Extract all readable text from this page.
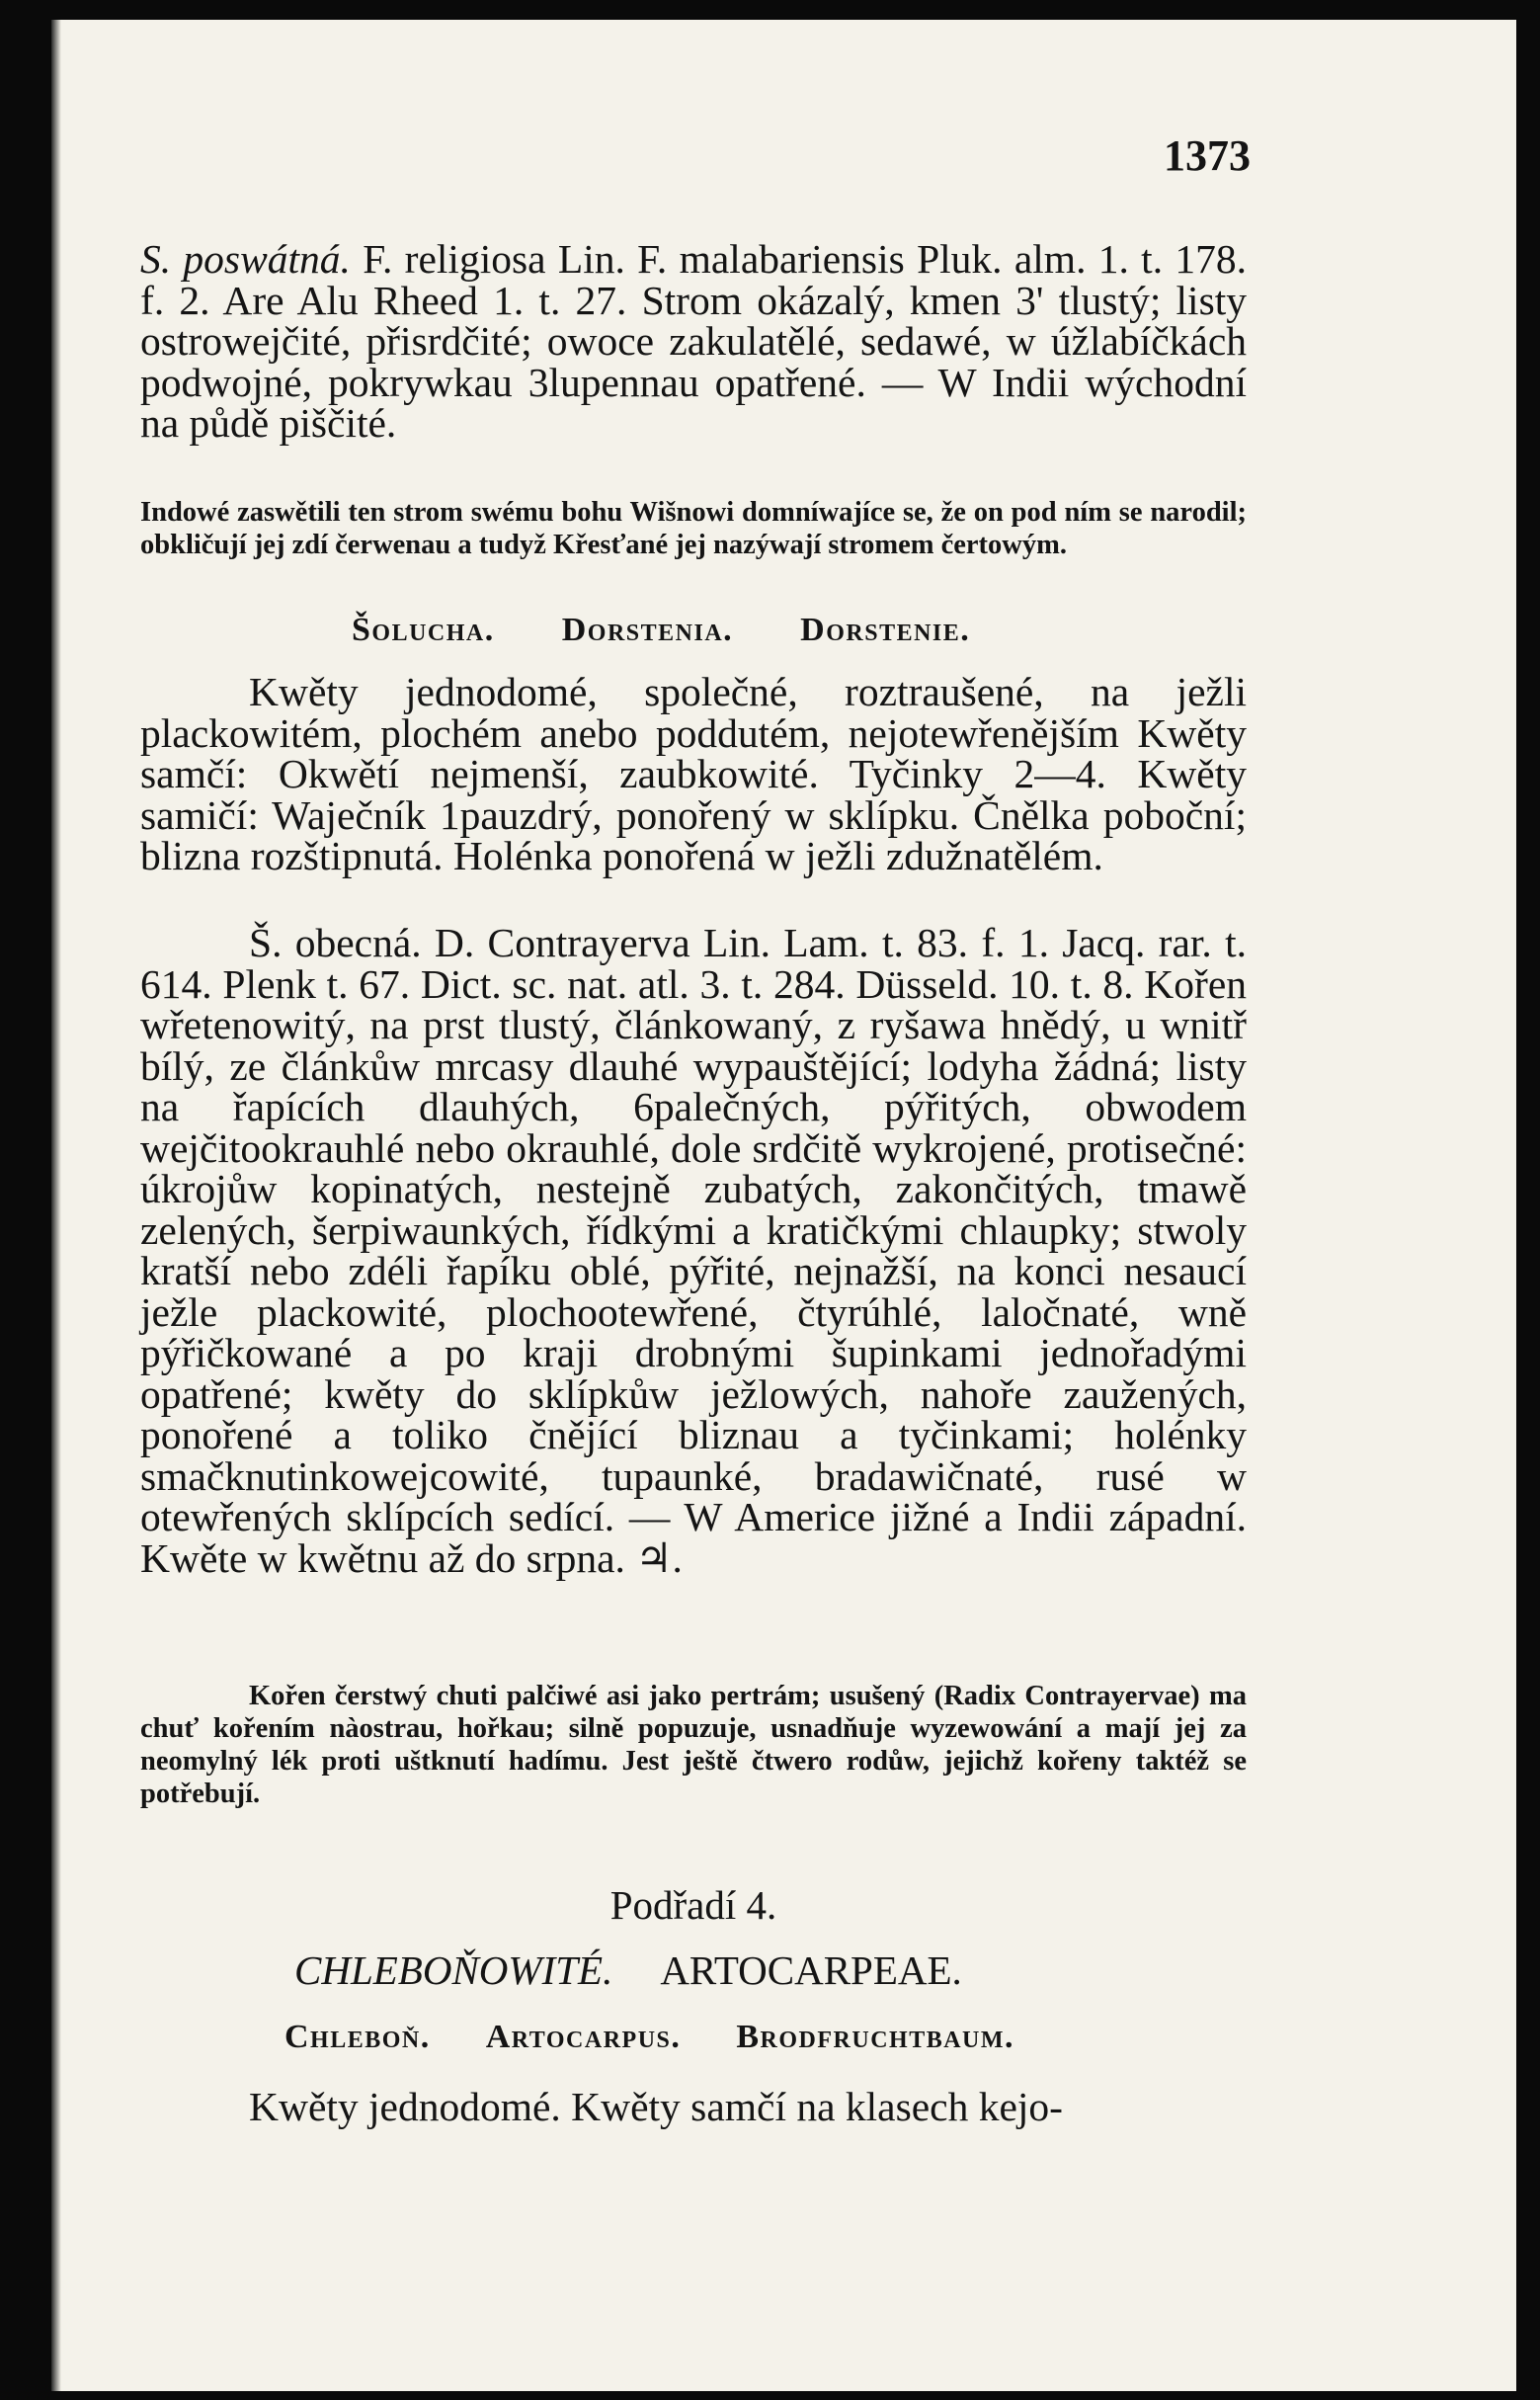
1373

S. poswátná. F. religiosa Lin. F. malabariensis Pluk. alm. 1. t. 178. f. 2. Are Alu Rheed 1. t. 27. Strom okázalý, kmen 3' tlustý; listy ostrowejčité, přisrdčité; owoce zakulatělé, sedawé, w úžlabíčkách podwojné, pokrywkau 3lupennau opatřené. — W Indii wýchodní na půdě piščité.

Indowé zaswětili ten strom swému bohu Wišnowi domníwajíce se, že on pod ním se narodil; obkličují jej zdí čerwenau a tudyž Křesťané jej nazýwají stromem čertowým.

Šolucha. Dorstenia. Dorstenie.

Kwěty jednodomé, společné, roztraušené, na ježli plackowitém, plochém anebo poddutém, nejotewřenějším Kwěty samčí: Okwětí nejmenší, zaubkowité. Tyčinky 2—4. Kwěty samičí: Waječník 1pauzdrý, ponořený w sklípku. Čnělka poboční; blizna rozštipnutá. Holénka ponořená w ježli zdužnatělém.

Š. obecná. D. Contrayerva Lin. Lam. t. 83. f. 1. Jacq. rar. t. 614. Plenk t. 67. Dict. sc. nat. atl. 3. t. 284. Düsseld. 10. t. 8. Kořen wřetenowitý, na prst tlustý, článkowaný, z ryšawa hnědý, u wnitř bílý, ze článkůw mrcasy dlauhé wypauštějící; lodyha žádná; listy na řapících dlauhých, 6palečných, pýřitých, obwodem wejčitookrauhlé nebo okrauhlé, dole srdčitě wykrojené, protisečné: úkrojůw kopinatých, nestejně zubatých, zakončitých, tmawě zelených, šerpiwaunkých, řídkými a kratičkými chlaupky; stwoly kratší nebo zdéli řapíku oblé, pýřité, nejnažší, na konci nesaucí ježle plackowité, plochootewřené, čtyrúhlé, laločnaté, wně pýřičkowané a po kraji drobnými šupinkami jednořadými opatřené; kwěty do sklípkůw ježlowých, nahoře zaužených, ponořené a toliko čnějící bliznau a tyčinkami; holénky smačknutinkowejcowité, tupaunké, bradawičnaté, rusé w otewřených sklípcích sedící. — W Americe jižné a Indii západní. Kwěte w kwětnu až do srpna. ♃.

Kořen čerstwý chuti palčiwé asi jako pertrám; usušený (Radix Contrayervae) ma chuť kořením nàostrau, hořkau; silně popuzuje, usnadňuje wyzewowání a mají jej za neomylný lék proti uštknutí hadímu. Jest ještě čtwero rodůw, jejichž kořeny taktéž se potřebují.

Podřadí 4.
CHLEBOŇOWITÉ. ARTOCARPEAE.
Chleboň. Artocarpus. Brodfruchtbaum.

Kwěty jednodomé. Kwěty samčí na klasech kejo-
